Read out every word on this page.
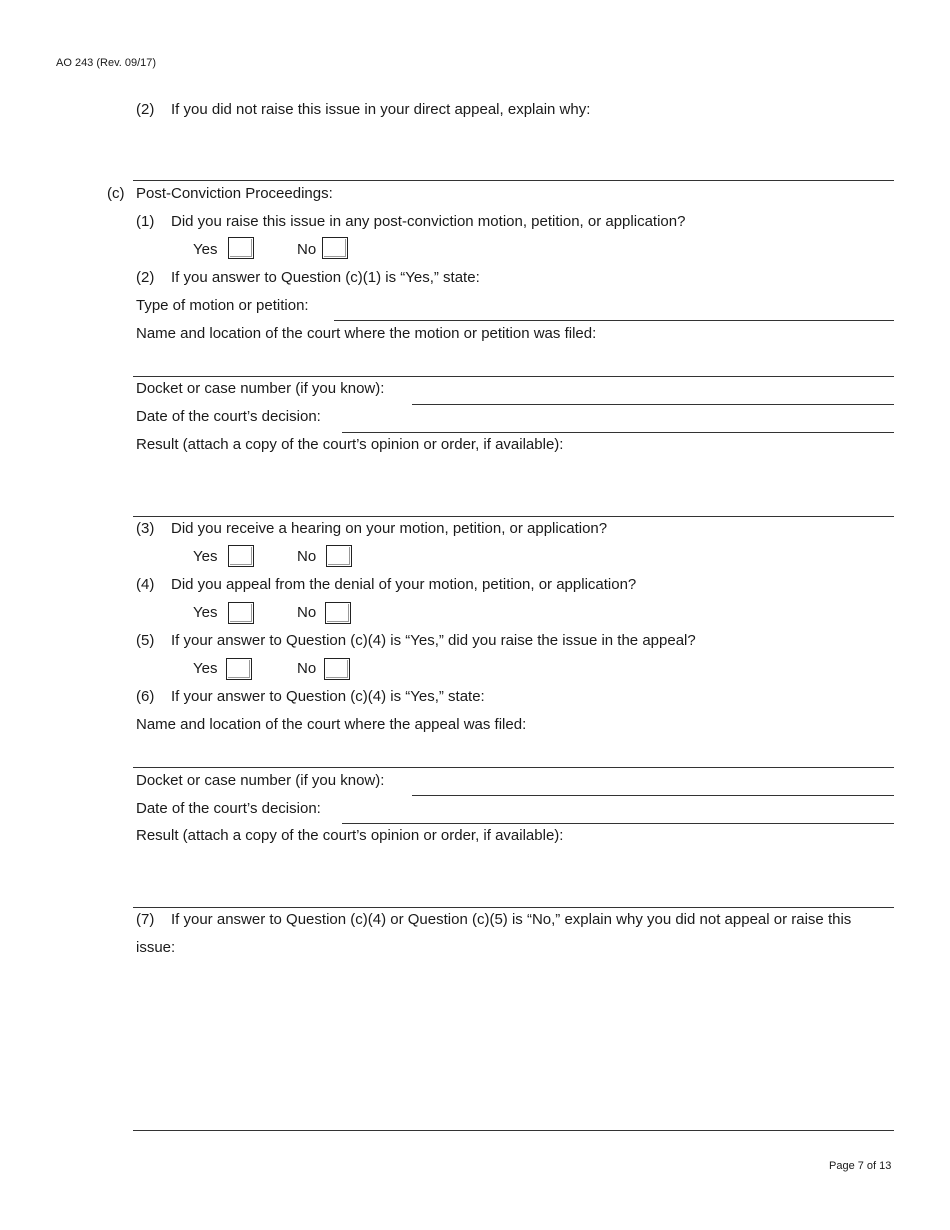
AO 243 (Rev. 09/17)
Page 7 of 13
(2) If you did not raise this issue in your direct appeal, explain why:
(c) Post-Conviction Proceedings:
(1) Did you raise this issue in any post-conviction motion, petition, or application?
Yes	No
(2) If you answer to Question (c)(1) is “Yes,” state:
Type of motion or petition:
Name and location of the court where the motion or petition was filed:
Docket or case number (if you know):
Date of the court’s decision:
Result (attach a copy of the court’s opinion or order, if available):
(3) Did you receive a hearing on your motion, petition, or application?
Yes	No
(4) Did you appeal from the denial of your motion, petition, or application?
Yes	No
(5) If your answer to Question (c)(4) is “Yes,” did you raise the issue in the appeal?
Yes	No
(6) If your answer to Question (c)(4) is “Yes,” state:
Name and location of the court where the appeal was filed:
Docket or case number (if you know):
Date of the court’s decision:
Result (attach a copy of the court’s opinion or order, if available):
(7) If your answer to Question (c)(4) or Question (c)(5) is “No,” explain why you did not appeal or raise this
issue:
